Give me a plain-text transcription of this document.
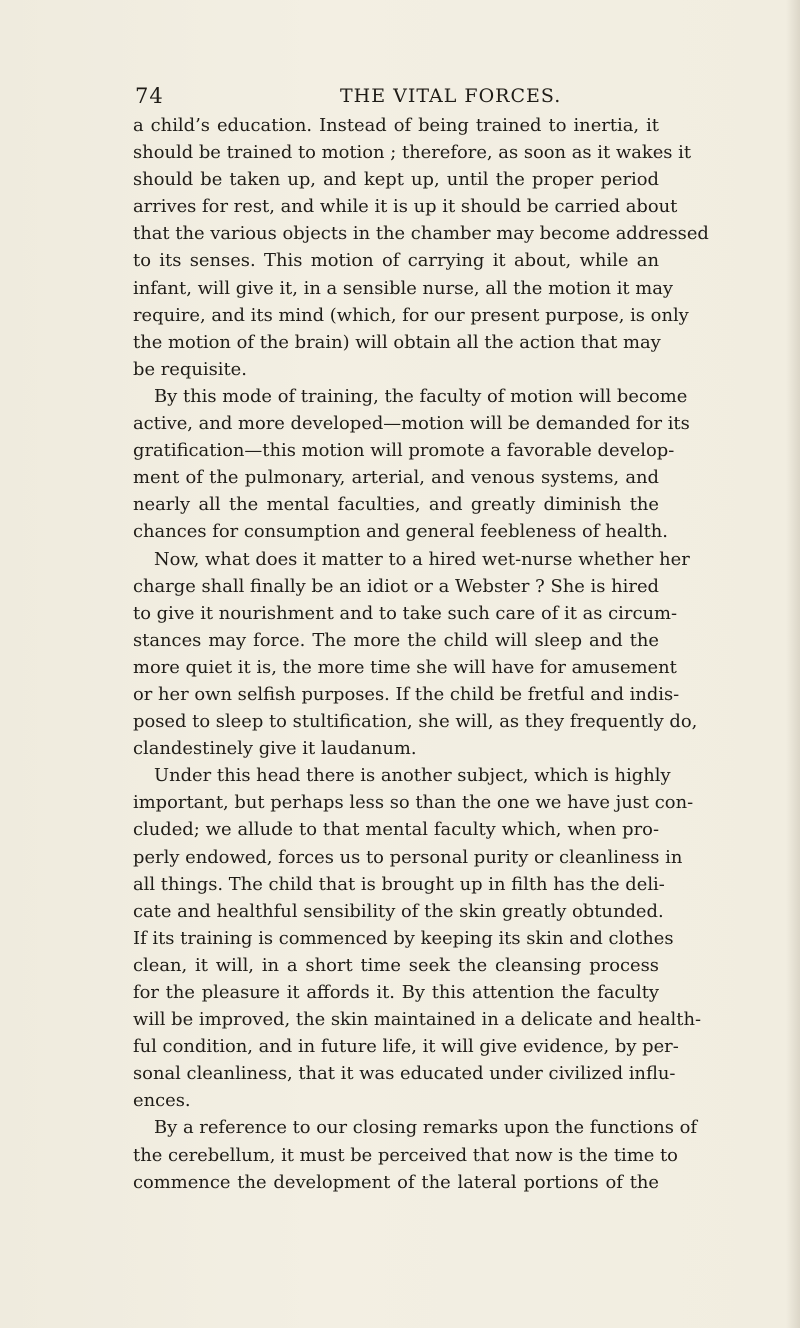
74	THE VITAL FORCES.
a child’s education. Instead of being trained to inertia, it
should be trained to motion ; therefore, as soon as it wakes it
should be taken up, and kept up, until the proper period
arrives for rest, and while it is up it should be carried about
that the various objects in the chamber may become addressed
to its senses. This motion of carrying it about, while an
infant, will give it, in a sensible nurse, all the motion it may
require, and its mind (which, for our present purpose, is only
the motion of the brain) will obtain all the action that may
be requisite.
By this mode of training, the faculty of motion will become
active, and more developed—motion will be demanded for its
gratification—this motion will promote a favorable develop-
ment of the pulmonary, arterial, and venous systems, and
nearly all the mental faculties, and greatly diminish the
chances for consumption and general feebleness of health.
Now, what does it matter to a hired wet-nurse whether her
charge shall finally be an idiot or a Webster ? She is hired
to give it nourishment and to take such care of it as circum-
stances may force. The more the child will sleep and the
more quiet it is, the more time she will have for amusement
or her own selfish purposes. If the child be fretful and indis-
posed to sleep to stultification, she will, as they frequently do,
clandestinely give it laudanum.
Under this head there is another subject, which is highly
important, but perhaps less so than the one we have just con-
cluded; we allude to that mental faculty which, when pro-
perly endowed, forces us to personal purity or cleanliness in
all things. The child that is brought up in filth has the deli-
cate and healthful sensibility of the skin greatly obtunded.
If its training is commenced by keeping its skin and clothes
clean, it will, in a short time seek the cleansing process
for the pleasure it affords it. By this attention the faculty
will be improved, the skin maintained in a delicate and health-
ful condition, and in future life, it will give evidence, by per-
sonal cleanliness, that it was educated under civilized influ-
ences.
By a reference to our closing remarks upon the functions of
the cerebellum, it must be perceived that now is the time to
commence the development of the lateral portions of the
